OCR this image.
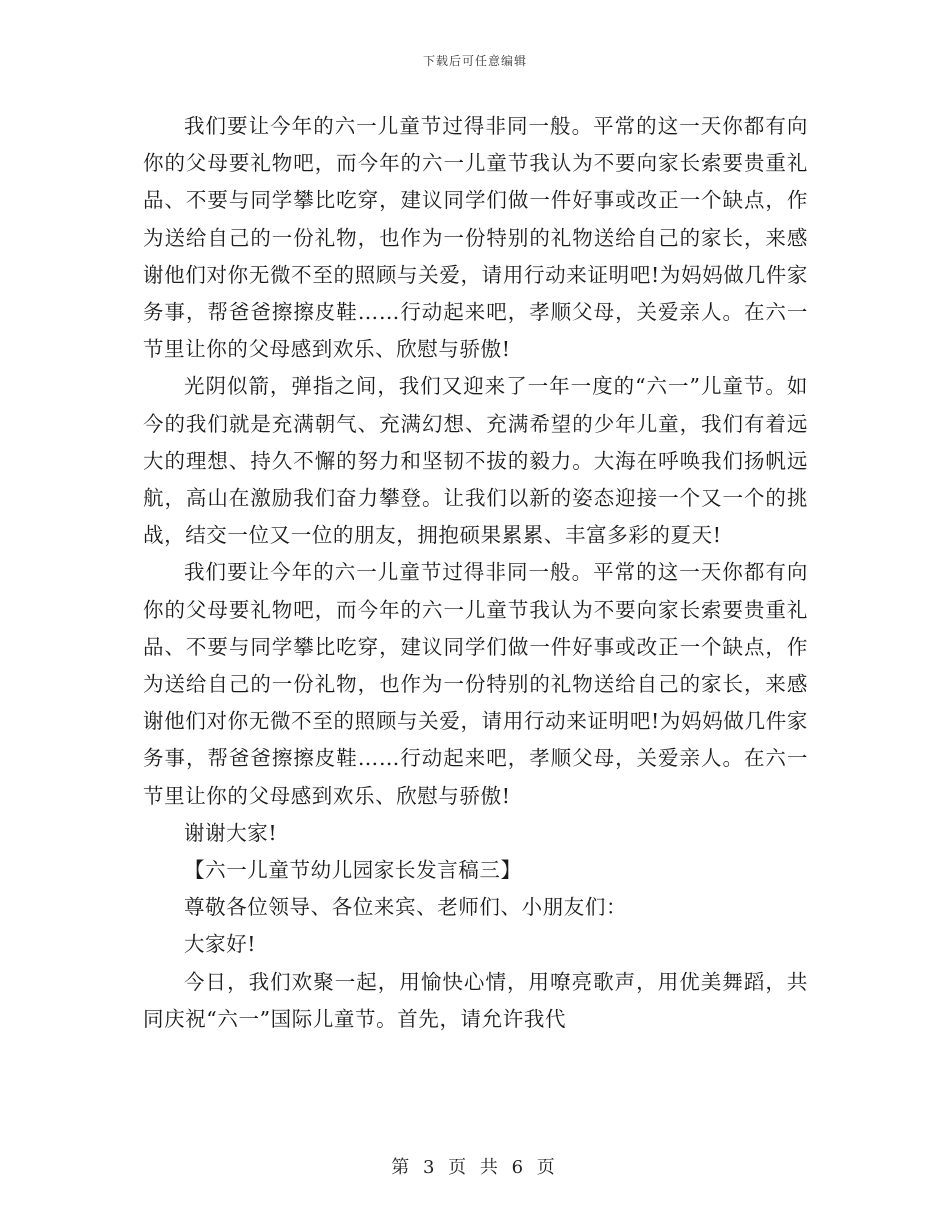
下载后可任意编辑

我们要让今年的六一儿童节过得非同一般。平常的这一天你都有向你的父母要礼物吧，而今年的六一儿童节我认为不要向家长索要贵重礼品、不要与同学攀比吃穿，建议同学们做一件好事或改正一个缺点，作为送给自己的一份礼物，也作为一份特别的礼物送给自己的家长，来感谢他们对你无微不至的照顾与关爱，请用行动来证明吧!为妈妈做几件家务事，帮爸爸擦擦皮鞋……行动起来吧，孝顺父母，关爱亲人。在六一节里让你的父母感到欢乐、欣慰与骄傲!

光阴似箭，弹指之间，我们又迎来了一年一度的“六一”儿童节。如今的我们就是充满朝气、充满幻想、充满希望的少年儿童，我们有着远大的理想、持久不懈的努力和坚韧不拔的毅力。大海在呼唤我们扬帆远航，高山在激励我们奋力攀登。让我们以新的姿态迎接一个又一个的挑战，结交一位又一位的朋友，拥抱硕果累累、丰富多彩的夏天!

我们要让今年的六一儿童节过得非同一般。平常的这一天你都有向你的父母要礼物吧，而今年的六一儿童节我认为不要向家长索要贵重礼品、不要与同学攀比吃穿，建议同学们做一件好事或改正一个缺点，作为送给自己的一份礼物，也作为一份特别的礼物送给自己的家长，来感谢他们对你无微不至的照顾与关爱，请用行动来证明吧!为妈妈做几件家务事，帮爸爸擦擦皮鞋……行动起来吧，孝顺父母，关爱亲人。在六一节里让你的父母感到欢乐、欣慰与骄傲!

谢谢大家!

【六一儿童节幼儿园家长发言稿三】

尊敬各位领导、各位来宾、老师们、小朋友们：

大家好!

今日，我们欢聚一起，用愉快心情，用嘹亮歌声，用优美舞蹈，共同庆祝“六一”国际儿童节。首先，请允许我代

第 3 页 共 6 页
